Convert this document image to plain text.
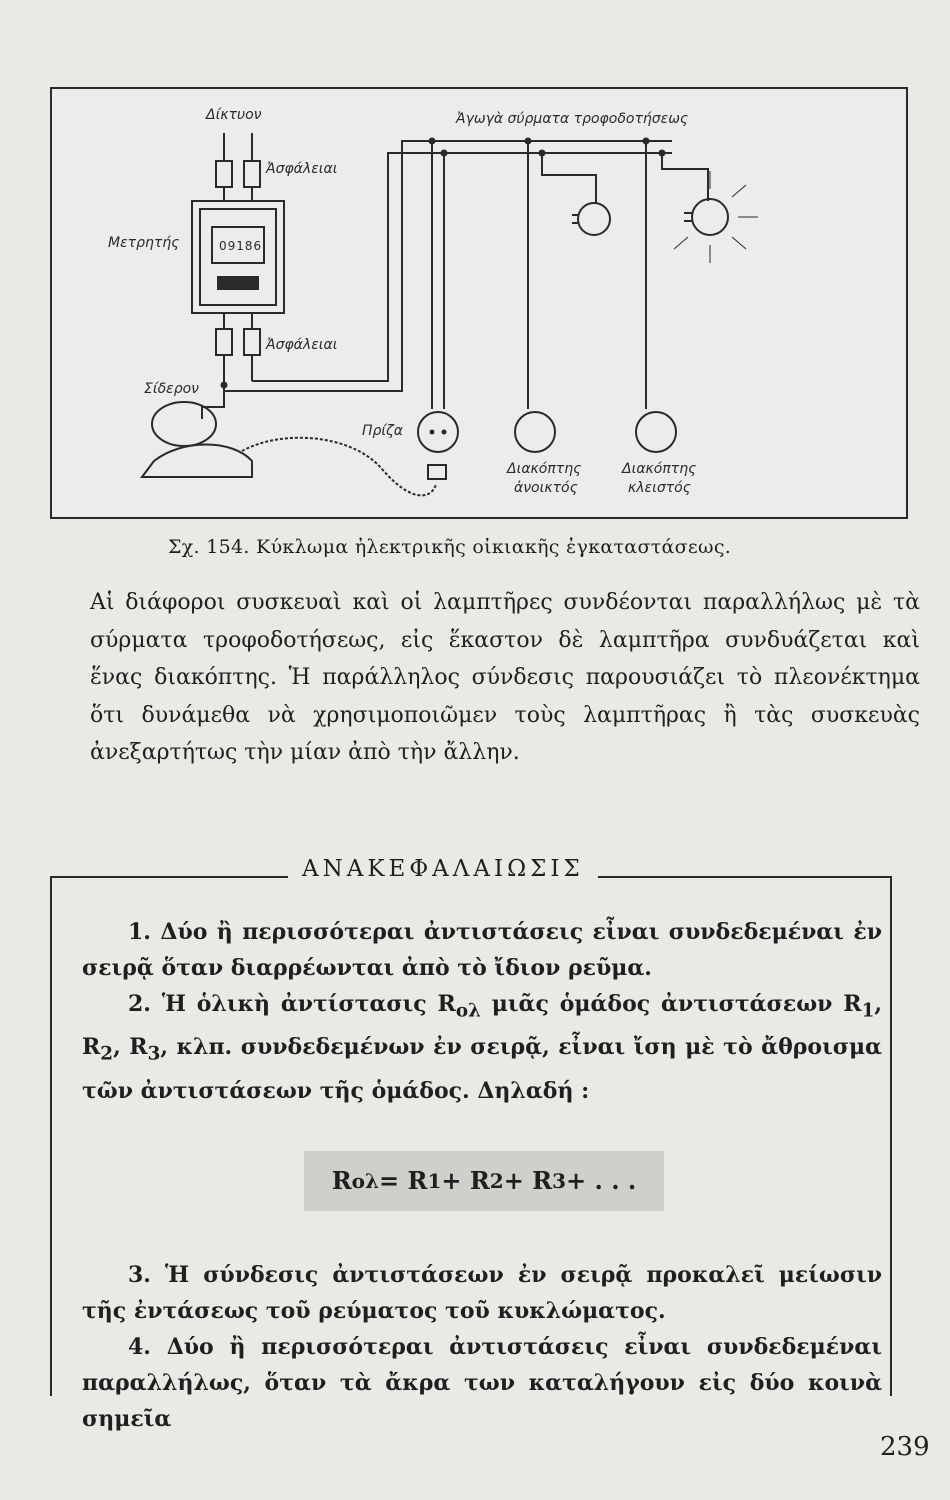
Δίκτυον
Ἀσφάλειαι
Μετρητής	09186
Ἀσφάλειαι
Σίδερον
Πρίζα
Διακόπτης
ἀνοικτός
Διακόπτης
κλειστός
Ἀγωγὰ σύρματα τροφοδοτήσεως
Σχ. 154. Κύκλωμα ἠλεκτρικῆς οἰκιακῆς ἐγκαταστάσεως.

Αἱ διάφοροι συσκευαὶ καὶ οἱ λαμπτῆρες συνδέονται παραλλήλως μὲ τὰ σύρματα τροφοδοτήσεως, εἰς ἕκαστον δὲ λαμπτῆρα συνδυάζεται καὶ ἕνας διακόπτης. Ἡ παράλληλος σύνδεσις παρουσιάζει τὸ πλεονέκτημα ὅτι δυνάμεθα νὰ χρησιμοποιῶμεν τοὺς λαμπτῆρας ἢ τὰς συσκευὰς ἀνεξαρτήτως τὴν μίαν ἀπὸ τὴν ἄλλην.

ΑΝΑΚΕΦΑΛΑΙΩΣΙΣ

1. Δύο ἢ περισσότεραι ἀντιστάσεις εἶναι συνδεδεμέναι ἐν σειρᾷ ὅταν διαρρέωνται ἀπὸ τὸ ἴδιον ρεῦμα.

2. Ἡ ὁλικὴ ἀντίστασις $R_{o\lambda}$ μιᾶς ὁμάδος ἀντιστάσεων $R_1$, $R_2$, $R_3$, κλπ. συνδεδεμένων ἐν σειρᾷ, εἶναι ἴση μὲ τὸ ἄθροισμα τῶν ἀντιστάσεων τῆς ὁμάδος. Δηλαδή :

R ολ = R 1 + R 2 + R 3 + . . .

3. Ἡ σύνδεσις ἀντιστάσεων ἐν σειρᾷ προκαλεῖ μείωσιν τῆς ἐντάσεως τοῦ ρεύματος τοῦ κυκλώματος.

4. Δύο ἢ περισσότεραι ἀντιστάσεις εἶναι συνδεδεμέναι παραλλήλως, ὅταν τὰ ἄκρα των καταλήγουν εἰς δύο κοινὰ σημεῖα

239
